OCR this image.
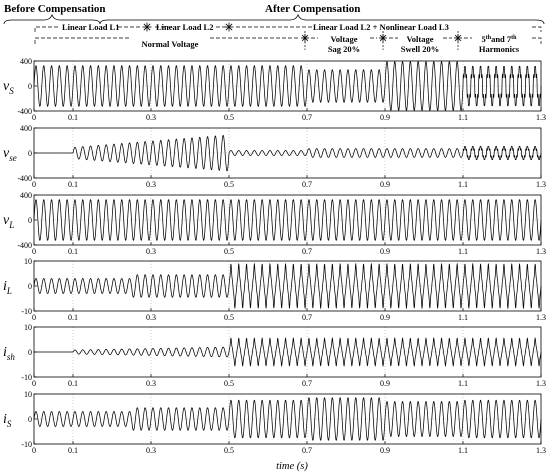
Before Compensation	After Compensation
Linear Load L1	Linear Load L2	Linear Load L2 + Nonlinear Load L3
Normal Voltage	Voltage
Sag 20%
Voltage
Swell 20%
5thand 7th
Harmonics
-400
0
400
0	0.1	0.3	0.5	0.7	0.9	1.1	1.3
$v_S$
-400
0
400
0	0.1	0.3	0.5	0.7	0.9	1.1	1.3
$v_{se}$
-400
0
400
0	0.1	0.3	0.5	0.7	0.9	1.1	1.3
$v_L$
-10
0
10
0	0.1	0.3	0.5	0.7	0.9	1.1	1.3
$i_L$
-10
0
10
0	0.1	0.3	0.5	0.7	0.9	1.1	1.3
$i_{sh}$
-10
0
10
0	0.1	0.3	0.5	0.7	0.9	1.1	1.3
$i_S$
time (s)
